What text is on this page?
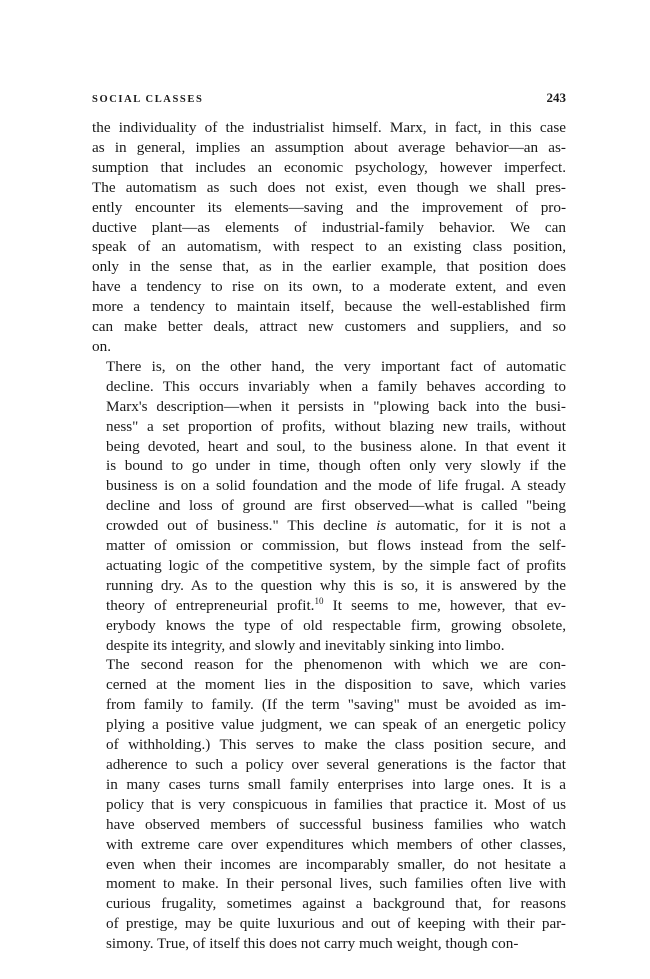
SOCIAL CLASSES	243

the individuality of the industrialist himself. Marx, in fact, in this case
as in general, implies an assumption about average behavior—an as-
sumption that includes an economic psychology, however imperfect.
The automatism as such does not exist, even though we shall pres-
ently encounter its elements—saving and the improvement of pro-
ductive plant—as elements of industrial-family behavior. We can
speak of an automatism, with respect to an existing class position,
only in the sense that, as in the earlier example, that position does
have a tendency to rise on its own, to a moderate extent, and even
more a tendency to maintain itself, because the well-established firm
can make better deals, attract new customers and suppliers, and so
on.

There is, on the other hand, the very important fact of automatic
decline. This occurs invariably when a family behaves according to
Marx's description—when it persists in "plowing back into the busi-
ness" a set proportion of profits, without blazing new trails, without
being devoted, heart and soul, to the business alone. In that event it
is bound to go under in time, though often only very slowly if the
business is on a solid foundation and the mode of life frugal. A steady
decline and loss of ground are first observed—what is called "being
crowded out of business." This decline is automatic, for it is not a
matter of omission or commission, but flows instead from the self-
actuating logic of the competitive system, by the simple fact of profits
running dry. As to the question why this is so, it is answered by the
theory of entrepreneurial profit.$^{10}$ It seems to me, however, that ev-
erybody knows the type of old respectable firm, growing obsolete,
despite its integrity, and slowly and inevitably sinking into limbo.

The second reason for the phenomenon with which we are con-
cerned at the moment lies in the disposition to save, which varies
from family to family. (If the term "saving" must be avoided as im-
plying a positive value judgment, we can speak of an energetic policy
of withholding.) This serves to make the class position secure, and
adherence to such a policy over several generations is the factor that
in many cases turns small family enterprises into large ones. It is a
policy that is very conspicuous in families that practice it. Most of us
have observed members of successful business families who watch
with extreme care over expenditures which members of other classes,
even when their incomes are incomparably smaller, do not hesitate a
moment to make. In their personal lives, such families often live with
curious frugality, sometimes against a background that, for reasons
of prestige, may be quite luxurious and out of keeping with their par-
simony. True, of itself this does not carry much weight, though con-
